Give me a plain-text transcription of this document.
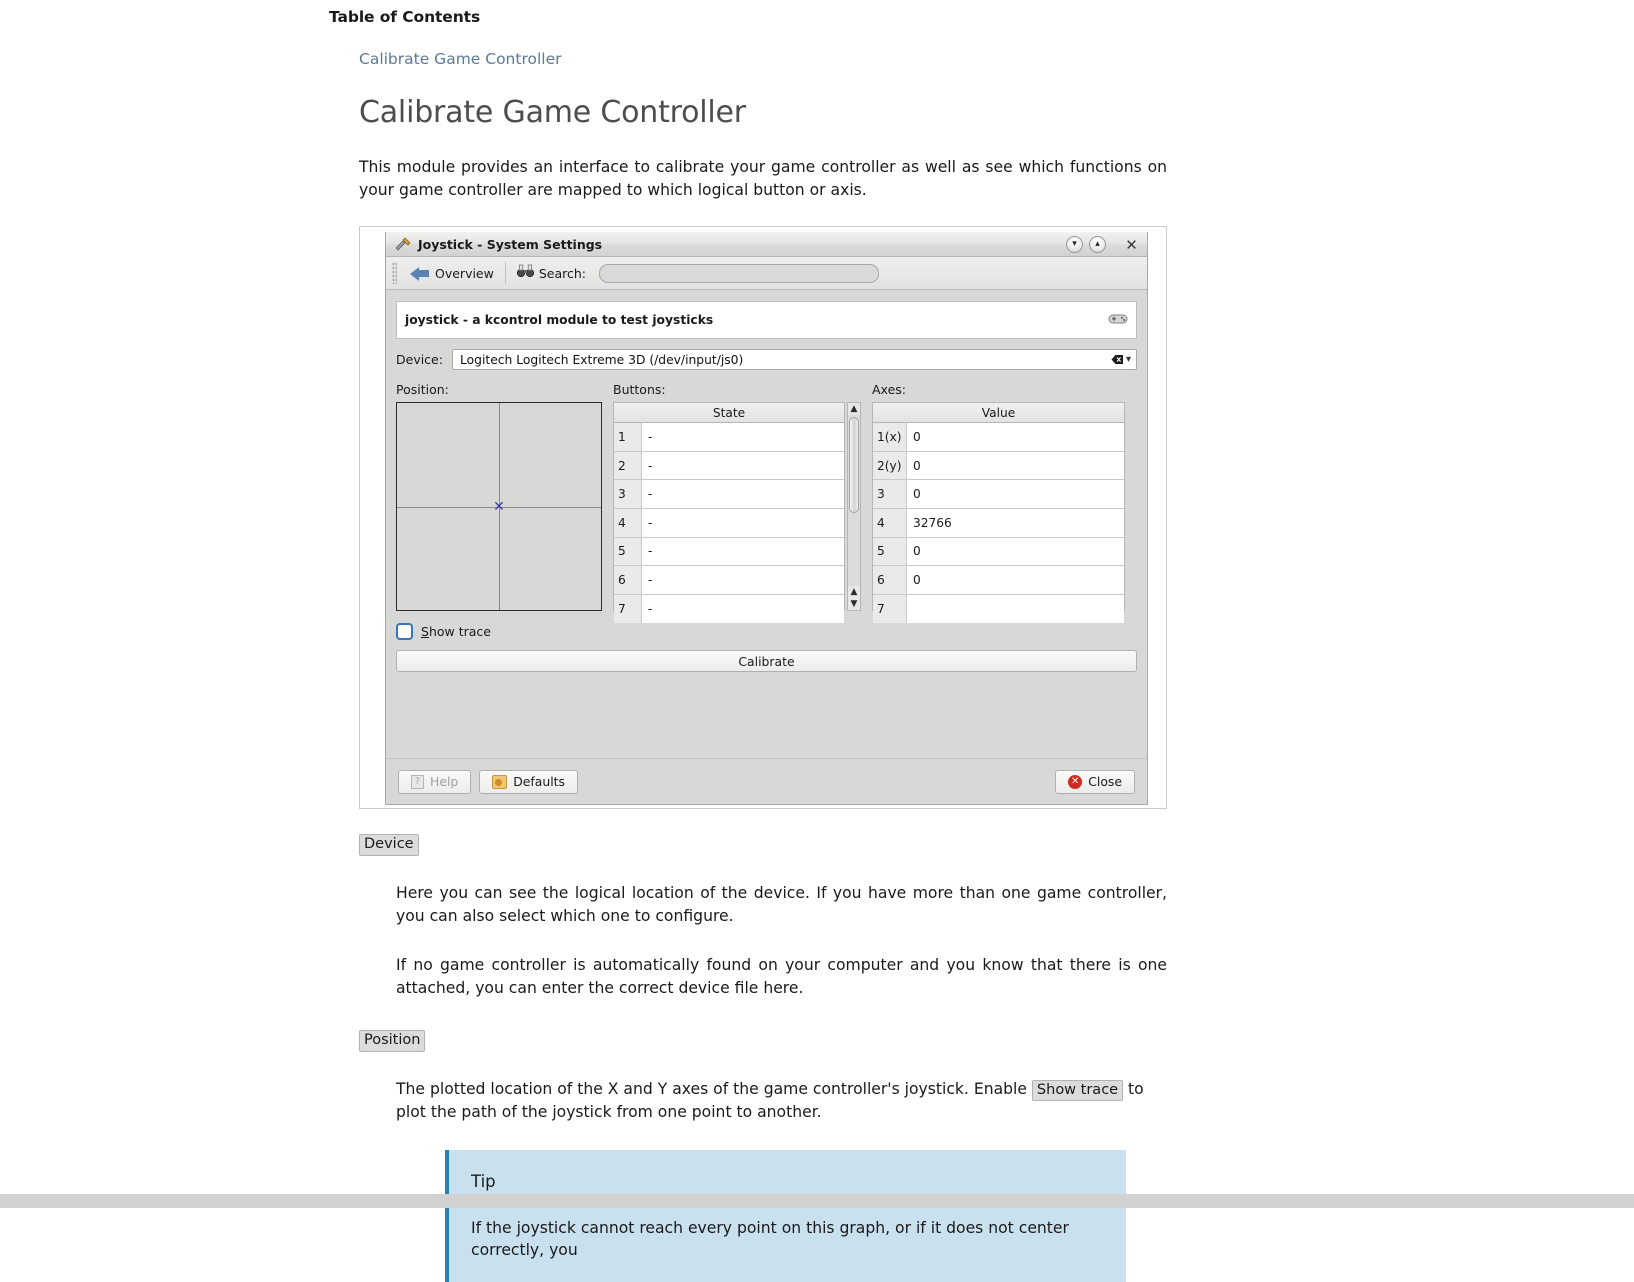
Table of Contents
Calibrate Game Controller
Calibrate Game Controller

This module provides an interface to calibrate your game controller as well as see which functions on your game controller are mapped to which logical button or axis.

Joystick - System Settings	▾	▴	✕
Overview	Search:
joystick - a kcontrol module to test joysticks
Device:	Logitech Logitech Extreme 3D (/dev/input/js0)	▾
Position:
✕
Buttons:
State
1	-
2	-
3	-
4	-
5	-
6	-
7	-
▲
▲
▼
Axes:
Value
1(x) 0
2(y) 0
3	0
4	32766
5	0
6	0
7
Show trace
Calibrate
? Help	Defaults	✕ Close
Device

Here you can see the logical location of the device. If you have more than one game controller, you can also select which one to configure.

If no game controller is automatically found on your computer and you know that there is one attached, you can enter the correct device file here.

Position

The plotted location of the X and Y axes of the game controller's joystick. Enable Show trace to plot the path of the joystick from one point to another.

Tip
If the joystick cannot reach every point on this graph, or if it does not center correctly, you
